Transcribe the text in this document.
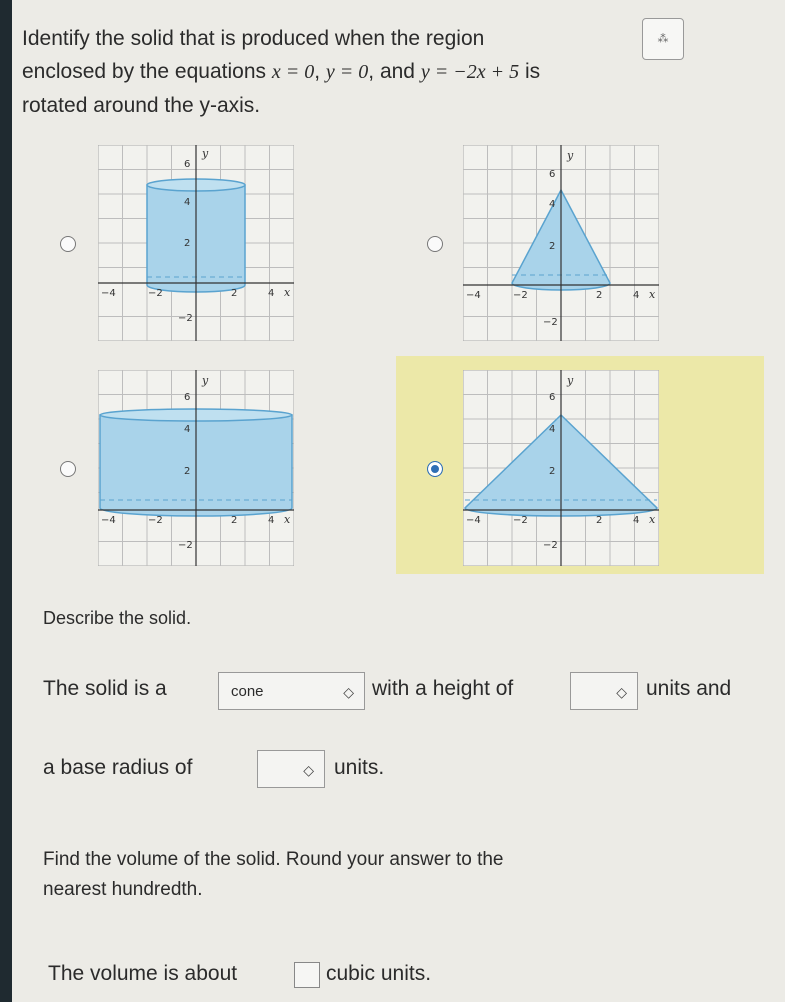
Identify the solid that is produced when the region
enclosed by the equations x = 0, y = 0, and y = −2x + 5 is
rotated around the y-axis.
⁂
−4	−2	2	4 x
6
4
2
−2
y
−4	−2	2	4 x
6
4
2
−2
y
−4	−2	2	4 x
6
4
2
−2
y
−4	−2	2	4 x
6
4
2
−2
y
Describe the solid.
The solid is a	cone	◇ with a height of	◇ units and
a base radius of	◇ units.
Find the volume of the solid. Round your answer to the
nearest hundredth.
The volume is about	cubic units.
